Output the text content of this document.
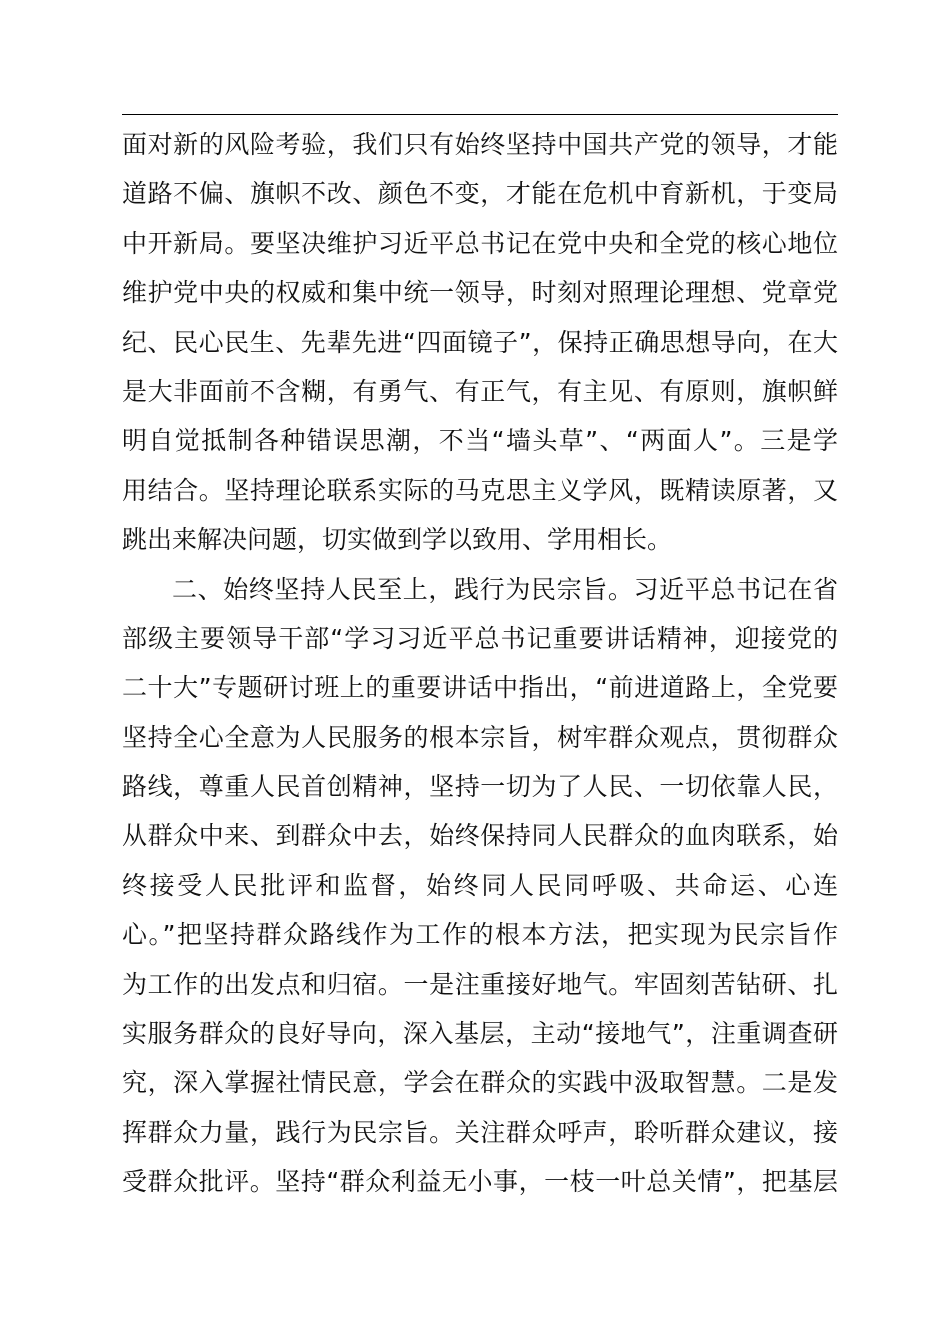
面对新的风险考验，我们只有始终坚持中国共产党的领导，才能
道路不偏、旗帜不改、颜色不变，才能在危机中育新机，于变局
中开新局。要坚决维护习近平总书记在党中央和全党的核心地位
维护党中央的权威和集中统一领导，时刻对照理论理想、党章党
纪、民心民生、先辈先进“四面镜子”，保持正确思想导向，在大
是大非面前不含糊，有勇气、有正气，有主见、有原则，旗帜鲜
明自觉抵制各种错误思潮，不当“墙头草”、“两面人”。三是学
用结合。坚持理论联系实际的马克思主义学风，既精读原著，又
跳出来解决问题，切实做到学以致用、学用相长。
二、始终坚持人民至上，践行为民宗旨。习近平总书记在省
部级主要领导干部“学习习近平总书记重要讲话精神，迎接党的
二十大”专题研讨班上的重要讲话中指出，“前进道路上，全党要
坚持全心全意为人民服务的根本宗旨，树牢群众观点，贯彻群众
路线，尊重人民首创精神，坚持一切为了人民、一切依靠人民，
从群众中来、到群众中去，始终保持同人民群众的血肉联系，始
终接受人民批评和监督，始终同人民同呼吸、共命运、心连
心。”把坚持群众路线作为工作的根本方法，把实现为民宗旨作
为工作的出发点和归宿。一是注重接好地气。牢固刻苦钻研、扎
实服务群众的良好导向，深入基层，主动“接地气”，注重调查研
究，深入掌握社情民意，学会在群众的实践中汲取智慧。二是发
挥群众力量，践行为民宗旨。关注群众呼声，聆听群众建议，接
受群众批评。坚持“群众利益无小事，一枝一叶总关情”，把基层
